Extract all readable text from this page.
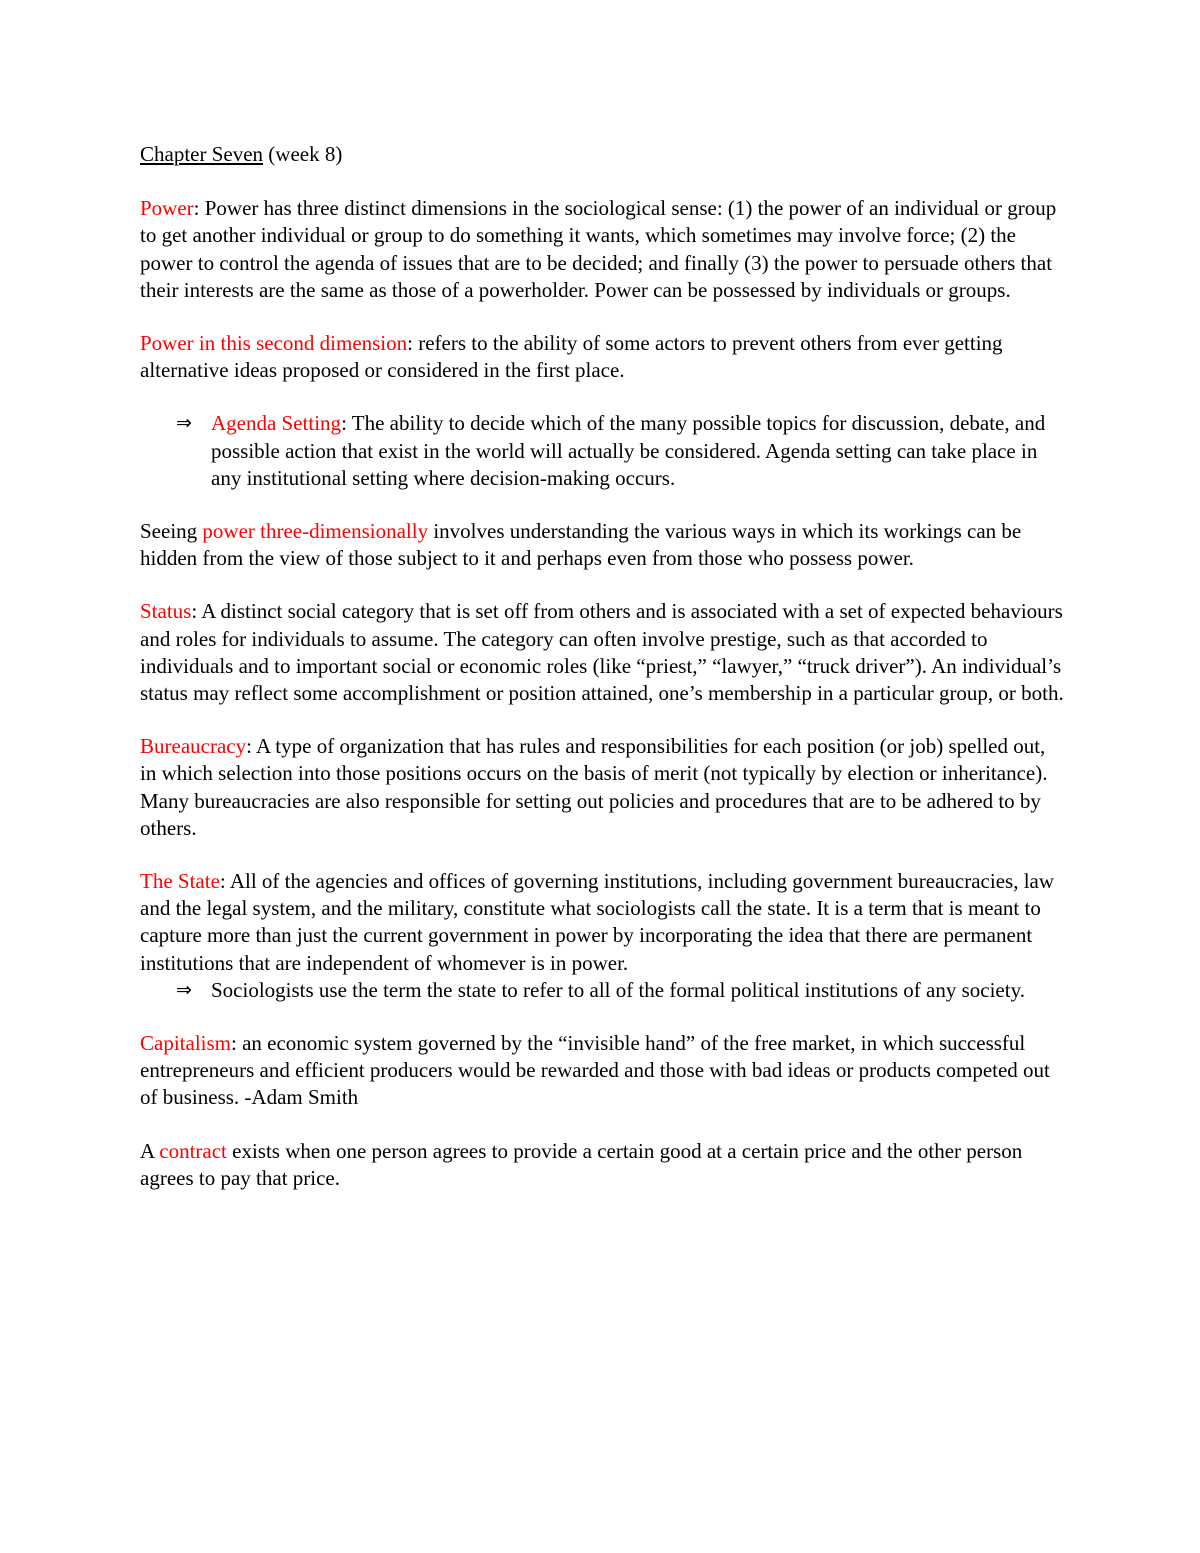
Chapter Seven (week 8)

Power: Power has three distinct dimensions in the sociological sense: (1) the power of an individual or group to get another individual or group to do something it wants, which sometimes may involve force; (2) the power to control the agenda of issues that are to be decided; and finally (3) the power to persuade others that their interests are the same as those of a powerholder. Power can be possessed by individuals or groups.

Power in this second dimension: refers to the ability of some actors to prevent others from ever getting alternative ideas proposed or considered in the first place.

⇒ Agenda Setting: The ability to decide which of the many possible topics for discussion, debate, and possible action that exist in the world will actually be considered. Agenda setting can take place in any institutional setting where decision-making occurs.

Seeing power three-dimensionally involves understanding the various ways in which its workings can be hidden from the view of those subject to it and perhaps even from those who possess power.

Status: A distinct social category that is set off from others and is associated with a set of expected behaviours and roles for individuals to assume. The category can often involve prestige, such as that accorded to individuals and to important social or economic roles (like “priest,” “lawyer,” “truck driver”). An individual’s status may reflect some accomplishment or position attained, one’s membership in a particular group, or both.

Bureaucracy: A type of organization that has rules and responsibilities for each position (or job) spelled out, in which selection into those positions occurs on the basis of merit (not typically by election or inheritance). Many bureaucracies are also responsible for setting out policies and procedures that are to be adhered to by others.

The State: All of the agencies and offices of governing institutions, including government bureaucracies, law and the legal system, and the military, constitute what sociologists call the state. It is a term that is meant to capture more than just the current government in power by incorporating the idea that there are permanent institutions that are independent of whomever is in power.

⇒ Sociologists use the term the state to refer to all of the formal political institutions of any society.

Capitalism: an economic system governed by the “invisible hand” of the free market, in which successful entrepreneurs and efficient producers would be rewarded and those with bad ideas or products competed out of business. -Adam Smith

A contract exists when one person agrees to provide a certain good at a certain price and the other person agrees to pay that price.
